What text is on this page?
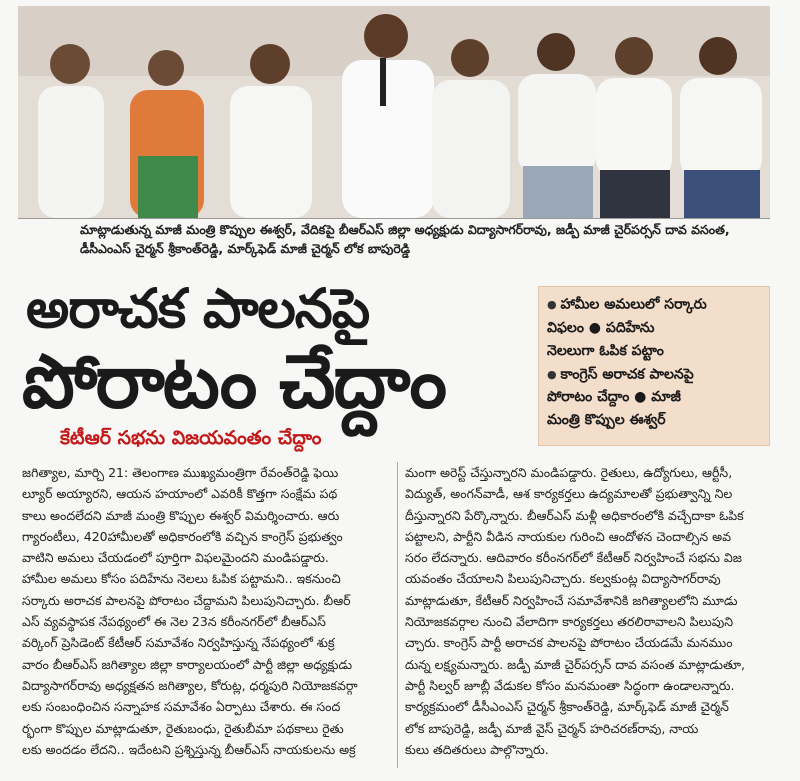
మాట్లాడుతున్న మాజీ మంత్రి కొప్పుల ఈశ్వర్, వేదికపై బీఆర్ఎస్ జిల్లా అధ్యక్షుడు విద్యాసాగర్‌రావు, జడ్పీ మాజీ చైర్‌పర్సన్ దావ వసంత,
డీసీఎంఎస్ చైర్మన్ శ్రీకాంత్‌రెడ్డి, మార్క్‌ఫెడ్ మాజీ చైర్మన్ లోక బాపురెడ్డి
అరాచక పాలనపై
పోరాటం చేద్దాం
కేటీఆర్ సభను విజయవంతం చేద్దాం
● హామీల అమలులో సర్కారు
విఫలం ● పదిహేను
నెలలుగా ఓపిక పట్టాం
● కాంగ్రెస్ అరాచక పాలనపై
పోరాటం చేద్దాం ● మాజీ
మంత్రి కొప్పుల ఈశ్వర్
జగిత్యాల, మార్చి 21: తెలంగాణ ముఖ్యమంత్రిగా రేవంత్‌రెడ్డి ఫెయి
ల్యూర్ అయ్యారని, ఆయన హయాంలో ఎవరికీ కొత్తగా సంక్షేమ పథ
కాలు అందలేదని మాజీ మంత్రి కొప్పుల ఈశ్వర్ విమర్శించారు. ఆరు
గ్యారంటీలు, 420హామీలతో అధికారంలోకి వచ్చిన కాంగ్రెస్ ప్రభుత్వం
వాటిని అమలు చేయడంలో పూర్తిగా విఫలమైందని మండిపడ్డారు.
హామీల అమలు కోసం పదిహేను నెలలు ఓపిక పట్టామని.. ఇకనుంచి
సర్కారు అరాచక పాలనపై పోరాటం చేద్దామని పిలుపునిచ్చారు. బీఆర్
ఎస్ వ్యవస్థాపక నేపథ్యంలో ఈ నెల 23న కరీంనగర్‌లో బీఆర్ఎస్
వర్కింగ్ ప్రెసిడెంట్ కేటీఆర్ సమావేశం నిర్వహిస్తున్న నేపథ్యంలో శుక్ర
వారం బీఆర్ఎస్ జగిత్యాల జిల్లా కార్యాలయంలో పార్టీ జిల్లా అధ్యక్షుడు
విద్యాసాగర్‌రావు అధ్యక్షతన జగిత్యాల, కోరుట్ల, ధర్మపురి నియోజకవర్గా
లకు సంబంధించిన సన్నాహక సమావేశం ఏర్పాటు చేశారు. ఈ సంద
ర్భంగా కొప్పుల మాట్లాడుతూ, రైతుబంధు, రైతుబీమా పథకాలు రైతు
లకు అందడం లేదని.. ఇదేంటని ప్రశ్నిస్తున్న బీఆర్ఎస్ నాయకులను అక్ర
మంగా అరెస్ట్ చేస్తున్నారని మండిపడ్డారు. రైతులు, ఉద్యోగులు, ఆర్టీసీ,
విద్యుత్, అంగన్‌వాడీ, ఆశ కార్యకర్తలు ఉద్యమాలతో ప్రభుత్వాన్ని నిల
దీస్తున్నారని పేర్కొన్నారు. బీఆర్ఎస్ మళ్లీ అధికారంలోకి వచ్చేదాకా ఓపిక
పట్టాలని, పార్టీని వీడిన నాయకుల గురించి ఆందోళన చెందాల్సిన అవ
సరం లేదన్నారు. ఆదివారం కరీంనగర్‌లో కేటీఆర్ నిర్వహించే సభను విజ
యవంతం చేయాలని పిలుపునిచ్చారు. కల్వకుంట్ల విద్యాసాగర్‌రావు
మాట్లాడుతూ, కేటీఆర్ నిర్వహించే సమావేశానికి జగిత్యాలలోని మూడు
నియోజకవర్గాల నుంచి వేలాదిగా కార్యకర్తలు తరలిరావాలని పిలుపుని
చ్చారు. కాంగ్రెస్ పార్టీ అరాచక పాలనపై పోరాటం చేయడమే మనముం
దున్న లక్ష్యమన్నారు. జడ్పీ మాజీ చైర్‌పర్సన్ దావ వసంత మాట్లాడుతూ,
పార్టీ సిల్వర్ జూబ్లీ వేడుకల కోసం మనమంతా సిద్ధంగా ఉండాలన్నారు.
కార్యక్రమంలో డీసీఎంఎస్ చైర్మన్ శ్రీకాంత్‌రెడ్డి, మార్క్‌ఫెడ్ మాజీ చైర్మన్
లోక బాపురెడ్డి, జడ్పీ మాజీ వైస్ చైర్మన్ హరిచరణ్‌రావు, నాయ
కులు తదితరులు పాల్గొన్నారు.
